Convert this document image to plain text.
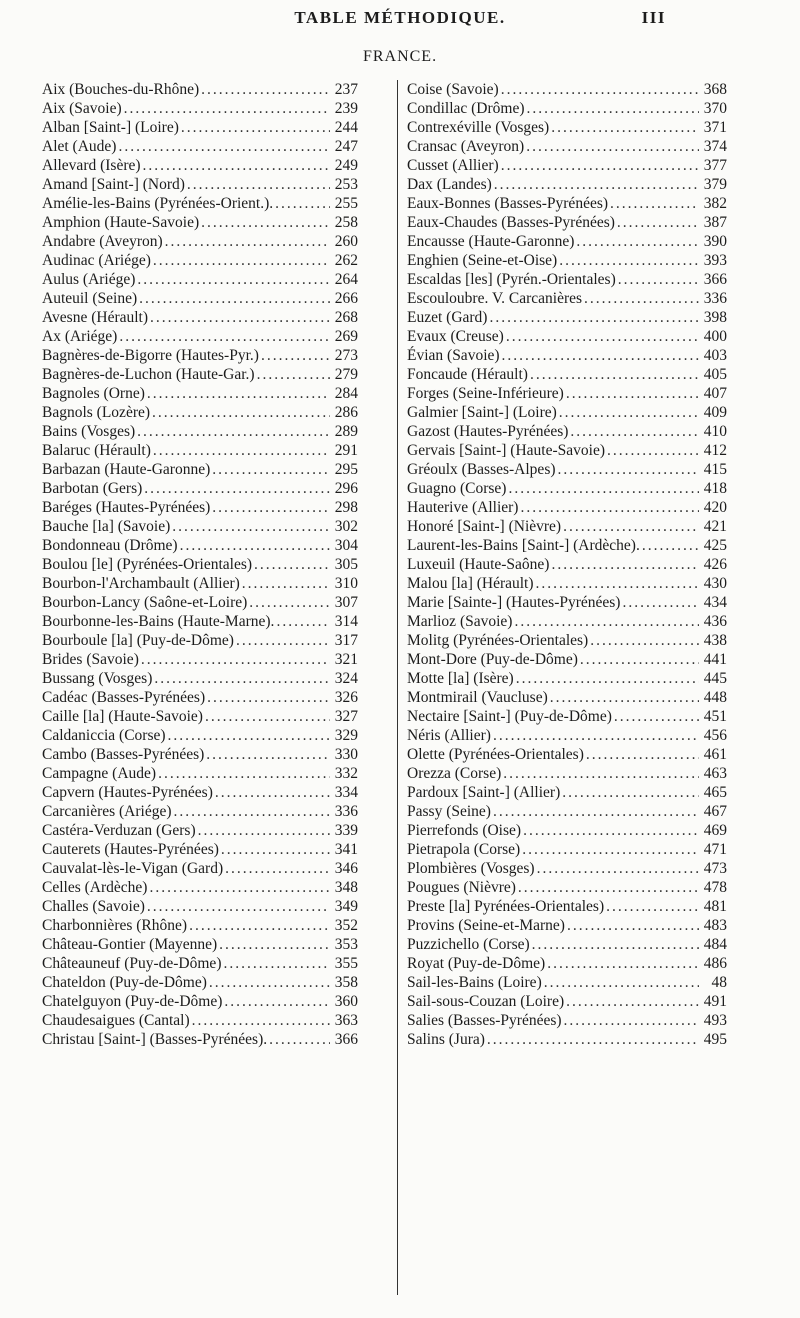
TABLE MÉTHODIQUE.	III
FRANCE.
Aix (Bouches-du-Rhône) .....	237
Aix (Savoie) .....	239
Alban [Saint-] (Loire) .....	244
Alet (Aude) .....	247
Allevard (Isère) .....	249
Amand [Saint-] (Nord) .....	253
Amélie-les-Bains (Pyrénées-Orient.). .....	255
Amphion (Haute-Savoie) .....	258
Andabre (Aveyron) .....	260
Audinac (Ariége) .....	262
Aulus (Ariége) .....	264
Auteuil (Seine) .....	266
Avesne (Hérault) .....	268
Ax (Ariége) .....	269
Bagnères-de-Bigorre (Hautes-Pyr.) .....	273
Bagnères-de-Luchon (Haute-Gar.) .....	279
Bagnoles (Orne) .....	284
Bagnols (Lozère) .....	286
Bains (Vosges) .....	289
Balaruc (Hérault) .....	291
Barbazan (Haute-Garonne) .....	295
Barbotan (Gers) .....	296
Baréges (Hautes-Pyrénées) .....	298
Bauche [la] (Savoie) .....	302
Bondonneau (Drôme) .....	304
Boulou [le] (Pyrénées-Orientales) .....	305
Bourbon-l'Archambault (Allier) .....	310
Bourbon-Lancy (Saône-et-Loire) .....	307
Bourbonne-les-Bains (Haute-Marne). .....	314
Bourboule [la] (Puy-de-Dôme) .....	317
Brides (Savoie) .....	321
Bussang (Vosges) .....	324
Cadéac (Basses-Pyrénées) .....	326
Caille [la] (Haute-Savoie) .....	327
Caldaniccia (Corse) .....	329
Cambo (Basses-Pyrénées) .....	330
Campagne (Aude) .....	332
Capvern (Hautes-Pyrénées) .....	334
Carcanières (Ariége) .....	336
Castéra-Verduzan (Gers) .....	339
Cauterets (Hautes-Pyrénées) .....	341
Cauvalat-lès-le-Vigan (Gard) .....	346
Celles (Ardèche) .....	348
Challes (Savoie) .....	349
Charbonnières (Rhône) .....	352
Château-Gontier (Mayenne) .....	353
Châteauneuf (Puy-de-Dôme) .....	355
Chateldon (Puy-de-Dôme) .....	358
Chatelguyon (Puy-de-Dôme) .....	360
Chaudesaigues (Cantal) .....	363
Christau [Saint-] (Basses-Pyrénées). .....	366
Coise (Savoie) .....	368
Condillac (Drôme) .....	370
Contrexéville (Vosges) .....	371
Cransac (Aveyron) .....	374
Cusset (Allier) .....	377
Dax (Landes) .....	379
Eaux-Bonnes (Basses-Pyrénées) .....	382
Eaux-Chaudes (Basses-Pyrénées) .....	387
Encausse (Haute-Garonne) .....	390
Enghien (Seine-et-Oise) .....	393
Escaldas [les] (Pyrén.-Orientales) .....	366
Escouloubre. V. Carcanières .....	336
Euzet (Gard) .....	398
Evaux (Creuse) .....	400
Évian (Savoie) .....	403
Foncaude (Hérault) .....	405
Forges (Seine-Inférieure) .....	407
Galmier [Saint-] (Loire) .....	409
Gazost (Hautes-Pyrénées) .....	410
Gervais [Saint-] (Haute-Savoie) .....	412
Gréoulx (Basses-Alpes) .....	415
Guagno (Corse) .....	418
Hauterive (Allier) .....	420
Honoré [Saint-] (Nièvre) .....	421
Laurent-les-Bains [Saint-] (Ardèche). .....	425
Luxeuil (Haute-Saône) .....	426
Malou [la] (Hérault) .....	430
Marie [Sainte-] (Hautes-Pyrénées) .....	434
Marlioz (Savoie) .....	436
Molitg (Pyrénées-Orientales) .....	438
Mont-Dore (Puy-de-Dôme) .....	441
Motte [la] (Isère) .....	445
Montmirail (Vaucluse) .....	448
Nectaire [Saint-] (Puy-de-Dôme) .....	451
Néris (Allier) .....	456
Olette (Pyrénées-Orientales) .....	461
Orezza (Corse) .....	463
Pardoux [Saint-] (Allier) .....	465
Passy (Seine) .....	467
Pierrefonds (Oise) .....	469
Pietrapola (Corse) .....	471
Plombières (Vosges) .....	473
Pougues (Nièvre) .....	478
Preste [la] Pyrénées-Orientales) .....	481
Provins (Seine-et-Marne) .....	483
Puzzichello (Corse) .....	484
Royat (Puy-de-Dôme) .....	486
Sail-les-Bains (Loire) .....	48
Sail-sous-Couzan (Loire) .....	491
Salies (Basses-Pyrénées) .....	493
Salins (Jura) .....	495
